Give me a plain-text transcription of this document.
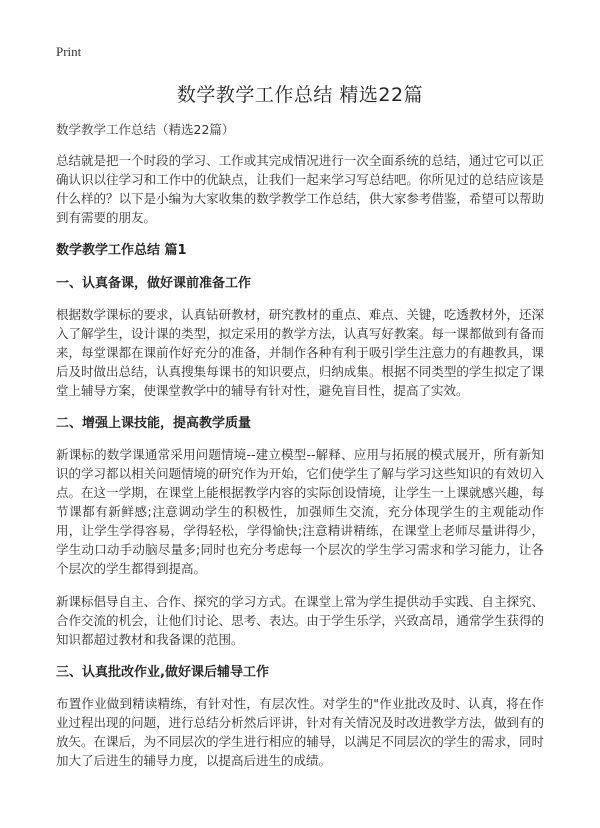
Print
数学教学工作总结 精选22篇
数学教学工作总结（精选22篇）

总结就是把一个时段的学习、工作或其完成情况进行一次全面系统的总结，通过它可以正确认识以往学习和工作中的优缺点，让我们一起来学习写总结吧。你所见过的总结应该是什么样的？以下是小编为大家收集的数学教学工作总结，供大家参考借鉴，希望可以帮助到有需要的朋友。

数学教学工作总结 篇1
一、认真备课，做好课前准备工作

根据数学课标的要求，认真钻研教材，研究教材的重点、难点、关键，吃透教材外，还深入了解学生，设计课的类型，拟定采用的教学方法，认真写好教案。每一课都做到有备而来，每堂课都在课前作好充分的准备，并制作各种有利于吸引学生注意力的有趣教具，课后及时做出总结，认真搜集每课书的知识要点，归纳成集。根据不同类型的学生拟定了课堂上辅导方案，使课堂教学中的辅导有针对性，避免盲目性，提高了实效。

二、增强上课技能，提高教学质量

新课标的数学课通常采用问题情境--建立模型--解释、应用与拓展的模式展开，所有新知识的学习都以相关问题情境的研究作为开始，它们使学生了解与学习这些知识的有效切入点。在这一学期，在课堂上能根据教学内容的实际创设情境，让学生一上课就感兴趣，每节课都有新鲜感;注意调动学生的积极性，加强师生交流，充分体现学生的主观能动作用，让学生学得容易，学得轻松，学得愉快;注意精讲精练，在课堂上老师尽量讲得少，学生动口动手动脑尽量多;同时也充分考虑每一个层次的学生学习需求和学习能力，让各个层次的学生都得到提高。

新课标倡导自主、合作、探究的学习方式。在课堂上常为学生提供动手实践、自主探究、合作交流的机会，让他们讨论、思考、表达。由于学生乐学，兴致高昂，通常学生获得的知识都超过教材和我备课的范围。

三、认真批改作业,做好课后辅导工作

布置作业做到精读精练，有针对性，有层次性。对学生的"作业批改及时、认真，将在作业过程出现的问题，进行总结分析然后评讲，针对有关情况及时改进教学方法，做到有的放矢。在课后，为不同层次的学生进行相应的辅导，以满足不同层次的学生的需求，同时加大了后进生的辅导力度，以提高后进生的成绩。
